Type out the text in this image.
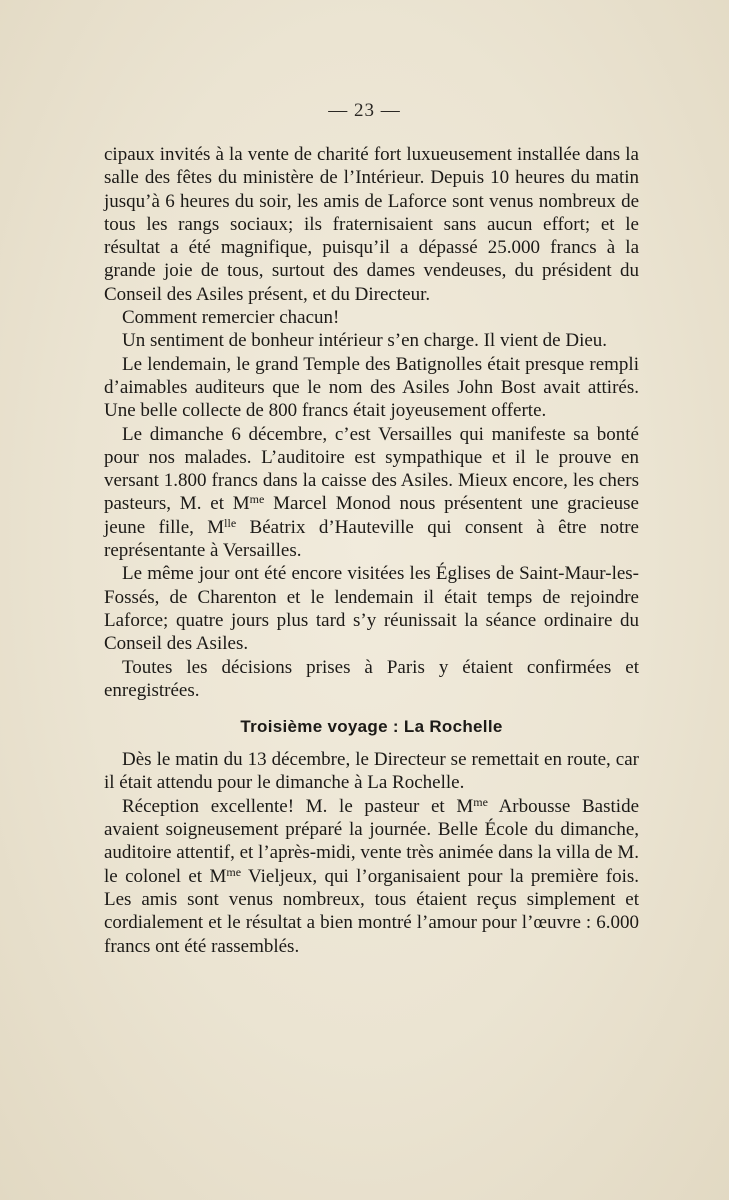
— 23 —

cipaux invités à la vente de charité fort luxueusement installée dans la salle des fêtes du ministère de l’Intérieur. Depuis 10 heures du matin jusqu’à 6 heures du soir, les amis de Laforce sont venus nombreux de tous les rangs sociaux; ils fraternisaient sans aucun effort; et le résultat a été magnifique, puisqu’il a dépassé 25.000 francs à la grande joie de tous, surtout des dames vendeuses, du président du Conseil des Asiles présent, et du Directeur.

Comment remercier chacun!

Un sentiment de bonheur intérieur s’en charge. Il vient de Dieu.

Le lendemain, le grand Temple des Batignolles était presque rempli d’aimables auditeurs que le nom des Asiles John Bost avait attirés. Une belle collecte de 800 francs était joyeusement offerte.

Le dimanche 6 décembre, c’est Versailles qui manifeste sa bonté pour nos malades. L’auditoire est sympathique et il le prouve en versant 1.800 francs dans la caisse des Asiles. Mieux encore, les chers pasteurs, M. et $M^{me}$ Marcel Monod nous présentent une gracieuse jeune fille, $M^{lle}$ Béatrix d’Hauteville qui consent à être notre représentante à Versailles.

Le même jour ont été encore visitées les Églises de Saint-Maur-les-Fossés, de Charenton et le lendemain il était temps de rejoindre Laforce; quatre jours plus tard s’y réunissait la séance ordinaire du Conseil des Asiles.

Toutes les décisions prises à Paris y étaient confirmées et enregistrées.

Troisième voyage : La Rochelle

Dès le matin du 13 décembre, le Directeur se remettait en route, car il était attendu pour le dimanche à La Rochelle.

Réception excellente! M. le pasteur et $M^{me}$ Arbousse Bastide avaient soigneusement préparé la journée. Belle École du dimanche, auditoire attentif, et l’après-midi, vente très animée dans la villa de M. le colonel et $M^{me}$ Vieljeux, qui l’organisaient pour la première fois. Les amis sont venus nombreux, tous étaient reçus simplement et cordialement et le résultat a bien montré l’amour pour l’œuvre : 6.000 francs ont été rassemblés.
